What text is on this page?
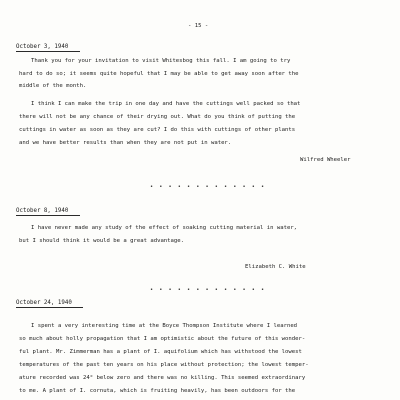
- 15 -
October 3, 1940
Thank you for your invitation to visit Whitesbog this fall. I am going to try
hard to do so; it seems quite hopeful that I may be able to get away soon after the
middle of the month.
I think I can make the trip in one day and have the cuttings well packed so that
there will not be any chance of their drying out. What do you think of putting the
cuttings in water as soon as they are cut? I do this with cuttings of other plants
and we have better results than when they are not put in water.
Wilfred Wheeler
• • • • • • • • • • • • •
October 8, 1940
I have never made any study of the effect of soaking cutting material in water,
but I should think it would be a great advantage.
Elizabeth C. White
• • • • • • • • • • • • •
October 24, 1940
I spent a very interesting time at the Boyce Thompson Institute where I learned
so much about holly propagation that I am optimistic about the future of this wonder-
ful plant. Mr. Zimmerman has a plant of I. aquifolium which has withstood the lowest
temperatures of the past ten years on his place without protection; the lowest temper-
ature recorded was 24° below zero and there was no killing. This seemed extraordinary
to me. A plant of I. cornuta, which is fruiting heavily, has been outdoors for the
